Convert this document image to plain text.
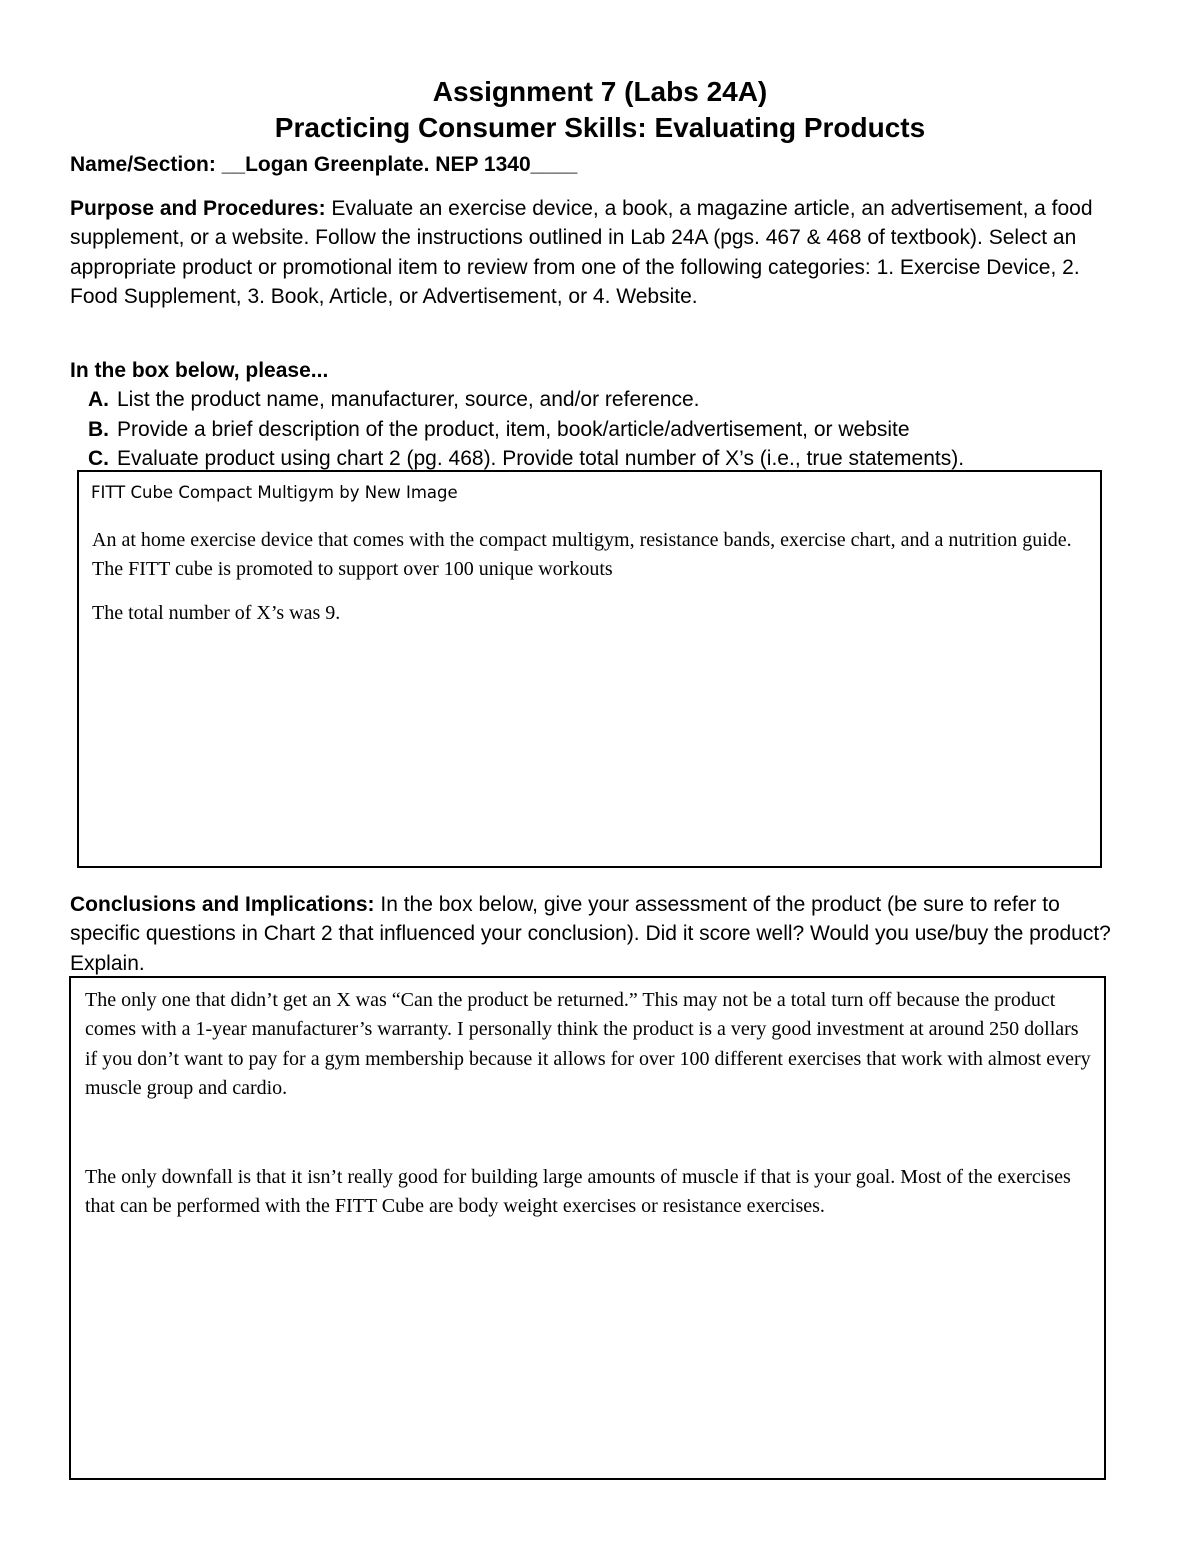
Assignment 7 (Labs 24A)
Practicing Consumer Skills: Evaluating Products
Name/Section: __Logan Greenplate. NEP 1340____

Purpose and Procedures: Evaluate an exercise device, a book, a magazine article, an advertisement, a food supplement, or a website. Follow the instructions outlined in Lab 24A (pgs. 467 & 468 of textbook). Select an appropriate product or promotional item to review from one of the following categories: 1. Exercise Device, 2. Food Supplement, 3. Book, Article, or Advertisement, or 4. Website.

In the box below, please...
A. List the product name, manufacturer, source, and/or reference.
B. Provide a brief description of the product, item, book/article/advertisement, or website
C. Evaluate product using chart 2 (pg. 468). Provide total number of X’s (i.e., true statements).
FITT Cube Compact Multigym by New Image

An at home exercise device that comes with the compact multigym, resistance bands, exercise chart, and a nutrition guide. The FITT cube is promoted to support over 100 unique workouts

The total number of X’s was 9.

Conclusions and Implications: In the box below, give your assessment of the product (be sure to refer to specific questions in Chart 2 that influenced your conclusion). Did it score well? Would you use/buy the product? Explain.

The only one that didn’t get an X was “Can the product be returned.” This may not be a total turn off because the product comes with a 1-year manufacturer’s warranty. I personally think the product is a very good investment at around 250 dollars if you don’t want to pay for a gym membership because it allows for over 100 different exercises that work with almost every muscle group and cardio.

The only downfall is that it isn’t really good for building large amounts of muscle if that is your goal. Most of the exercises that can be performed with the FITT Cube are body weight exercises or resistance exercises.
